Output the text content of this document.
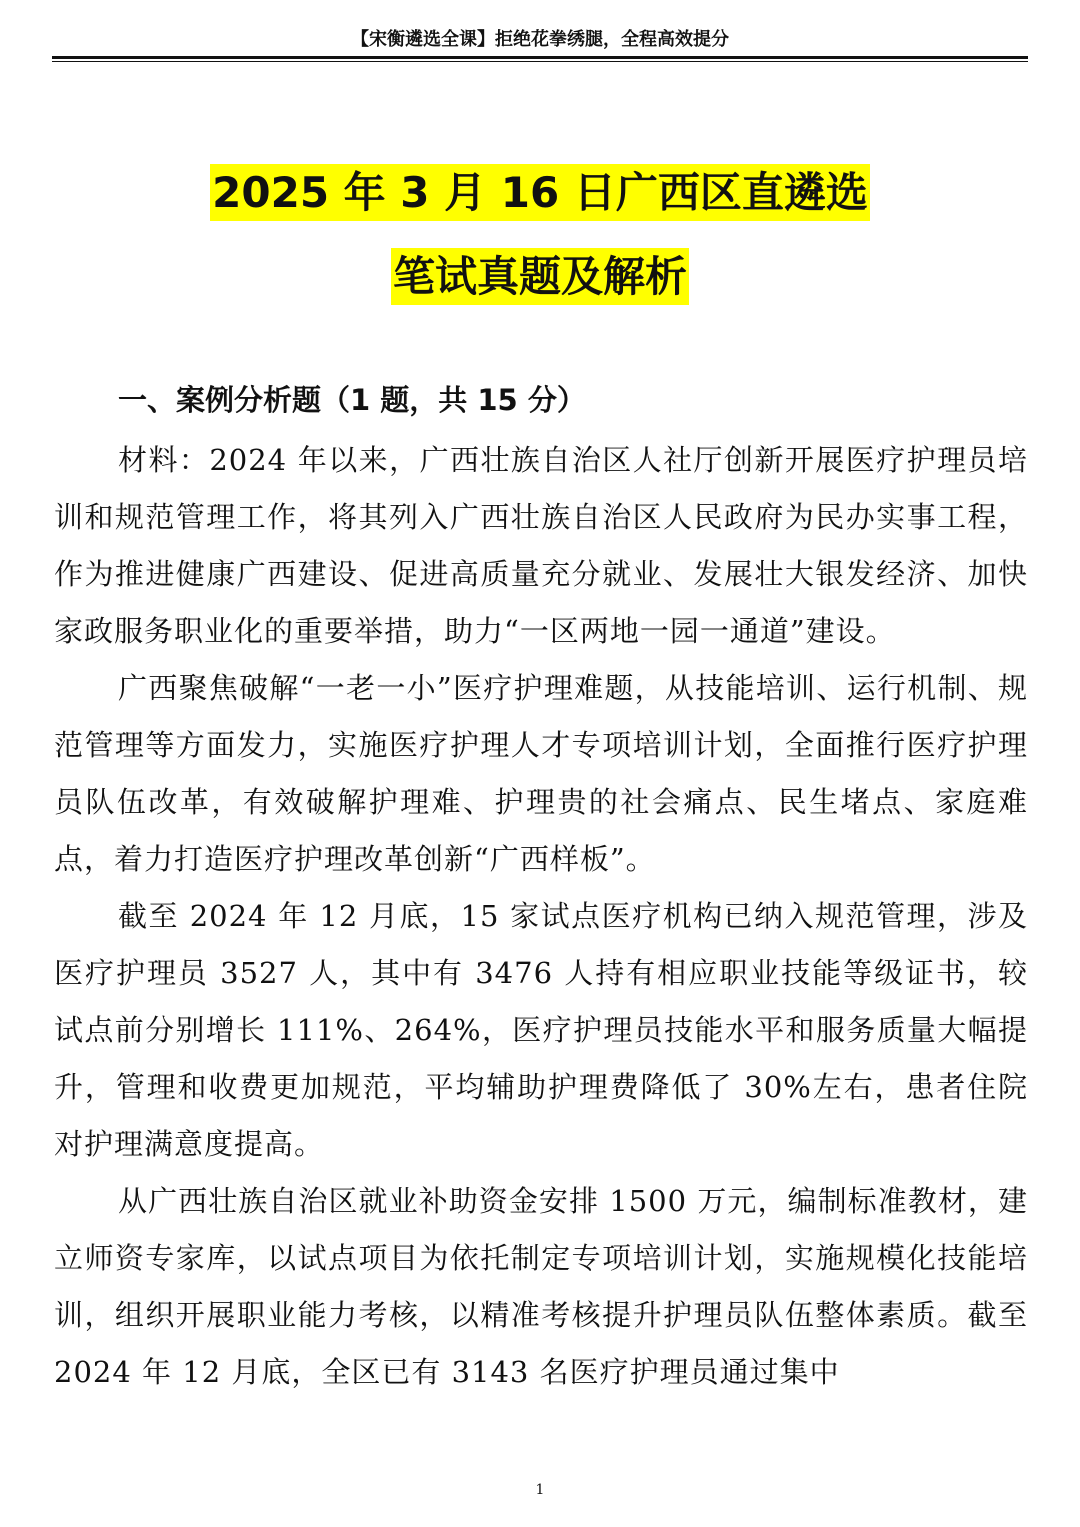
【宋衡遴选全课】拒绝花拳绣腿，全程高效提分
2025 年 3 月 16 日广西区直遴选
笔试真题及解析
一、案例分析题（1 题，共 15 分）

材料：2024 年以来，广西壮族自治区人社厅创新开展医疗护理员培训和规范管理工作，将其列入广西壮族自治区人民政府为民办实事工程，作为推进健康广西建设、促进高质量充分就业、发展壮大银发经济、加快家政服务职业化的重要举措，助力“一区两地一园一通道”建设。

广西聚焦破解“一老一小”医疗护理难题，从技能培训、运行机制、规范管理等方面发力，实施医疗护理人才专项培训计划，全面推行医疗护理员队伍改革，有效破解护理难、护理贵的社会痛点、民生堵点、家庭难点，着力打造医疗护理改革创新“广西样板”。

截至 2024 年 12 月底，15 家试点医疗机构已纳入规范管理，涉及医疗护理员 3527 人，其中有 3476 人持有相应职业技能等级证书，较试点前分别增长 111%、264%，医疗护理员技能水平和服务质量大幅提升，管理和收费更加规范，平均辅助护理费降低了 30%左右，患者住院对护理满意度提高。

从广西壮族自治区就业补助资金安排 1500 万元，编制标准教材，建立师资专家库，以试点项目为依托制定专项培训计划，实施规模化技能培训，组织开展职业能力考核，以精准考核提升护理员队伍整体素质。截至 2024 年 12 月底，全区已有 3143 名医疗护理员通过集中

1
